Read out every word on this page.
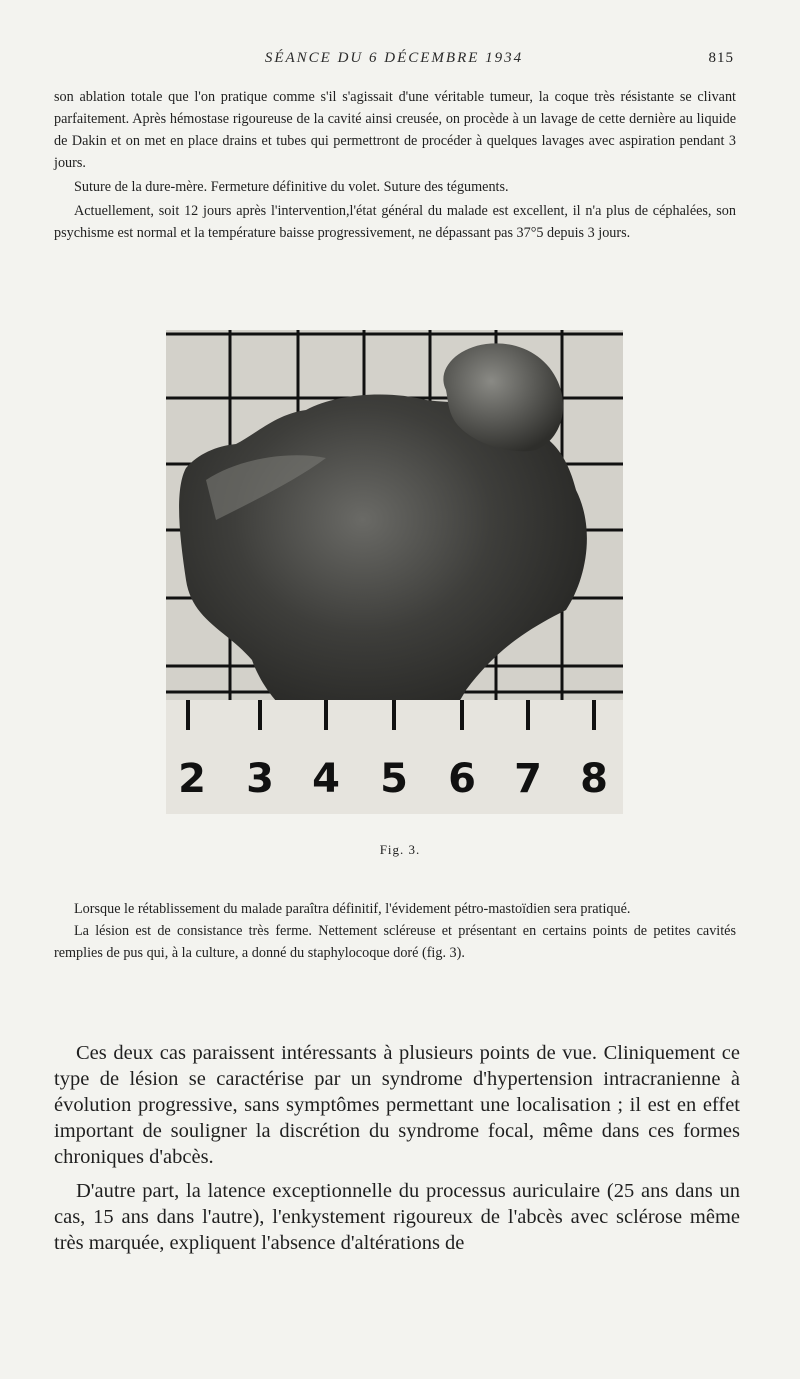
SÉANCE DU 6 DÉCEMBRE 1934	815

son ablation totale que l'on pratique comme s'il s'agissait d'une véritable tumeur, la coque très résistante se clivant parfaitement. Après hémostase rigoureuse de la cavité ainsi creusée, on procède à un lavage de cette dernière au liquide de Dakin et on met en place drains et tubes qui permettront de procéder à quelques lavages avec aspiration pendant 3 jours.

Suture de la dure-mère. Fermeture définitive du volet. Suture des téguments.

Actuellement, soit 12 jours après l'intervention,l'état général du malade est excellent, il n'a plus de céphalées, son psychisme est normal et la température baisse progressivement, ne dépassant pas 37°5 depuis 3 jours.

2 3 4 5 6 7 8
Fig. 3.

Lorsque le rétablissement du malade paraîtra définitif, l'évidement pétro-mastoïdien sera pratiqué.

La lésion est de consistance très ferme. Nettement scléreuse et présentant en certains points de petites cavités remplies de pus qui, à la culture, a donné du staphylocoque doré (fig. 3).

Ces deux cas paraissent intéressants à plusieurs points de vue. Cliniquement ce type de lésion se caractérise par un syndrome d'hypertension intracranienne à évolution progressive, sans symptômes permettant une localisation ; il est en effet important de souligner la discrétion du syndrome focal, même dans ces formes chroniques d'abcès.

D'autre part, la latence exceptionnelle du processus auriculaire (25 ans dans un cas, 15 ans dans l'autre), l'enkystement rigoureux de l'abcès avec sclérose même très marquée, expliquent l'absence d'altérations de
